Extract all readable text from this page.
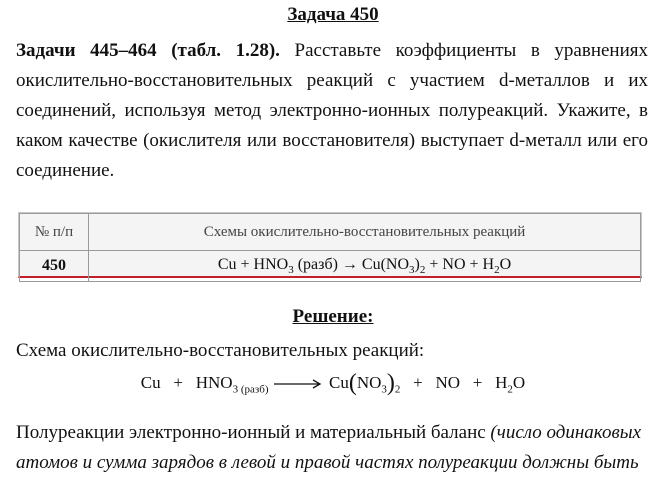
Задача 450
Задачи 445–464 (табл. 1.28). Расставьте коэффициенты в уравнениях окислительно-восстановительных реакций с участием d-металлов и их соединений, используя метод электронно-ионных полуреакций. Укажите, в каком качестве (окислителя или восстановителя) выступает d-металл или его соединение.
№ п/п	Схемы окислительно-восстановительных реакций
450	$Cu + HNO_3$ (разб) → $Cu(NO_3)_2$ + NO + $H_2O$
Решение:
Схема окислительно-восстановительных реакций:
$Cu + HNO_{3 (разб)} \to Cu(NO_3)_2$ + NO + $H_2O$
Полуреакции электронно-ионный и материальный баланс (число одинаковых
атомов и сумма зарядов в левой и правой частях полуреакции должны быть
